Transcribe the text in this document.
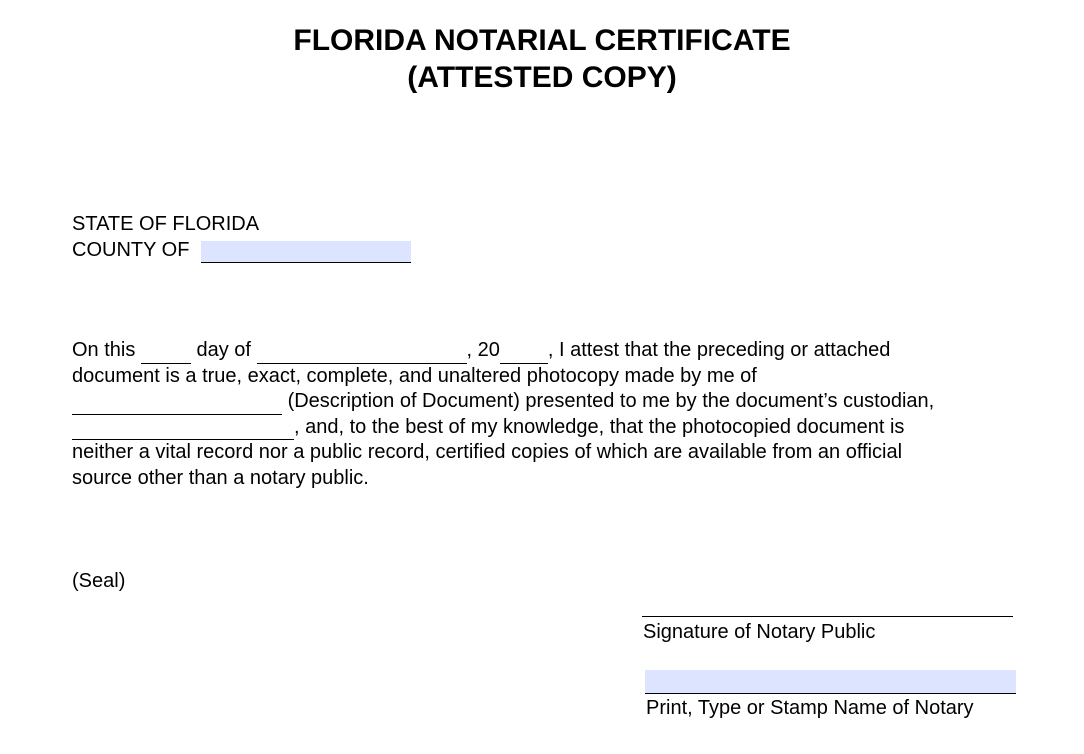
FLORIDA NOTARIAL CERTIFICATE
(ATTESTED COPY)
STATE OF FLORIDA
COUNTY OF
On this	day of	, 20 , I attest that the preceding or attached
document is a true, exact, complete, and unaltered photocopy made by me of
(Description of Document) presented to me by the document’s custodian,
, and, to the best of my knowledge, that the photocopied document is
neither a vital record nor a public record, certified copies of which are available from an official
source other than a notary public.
(Seal)
Signature of Notary Public
Print, Type or Stamp Name of Notary
